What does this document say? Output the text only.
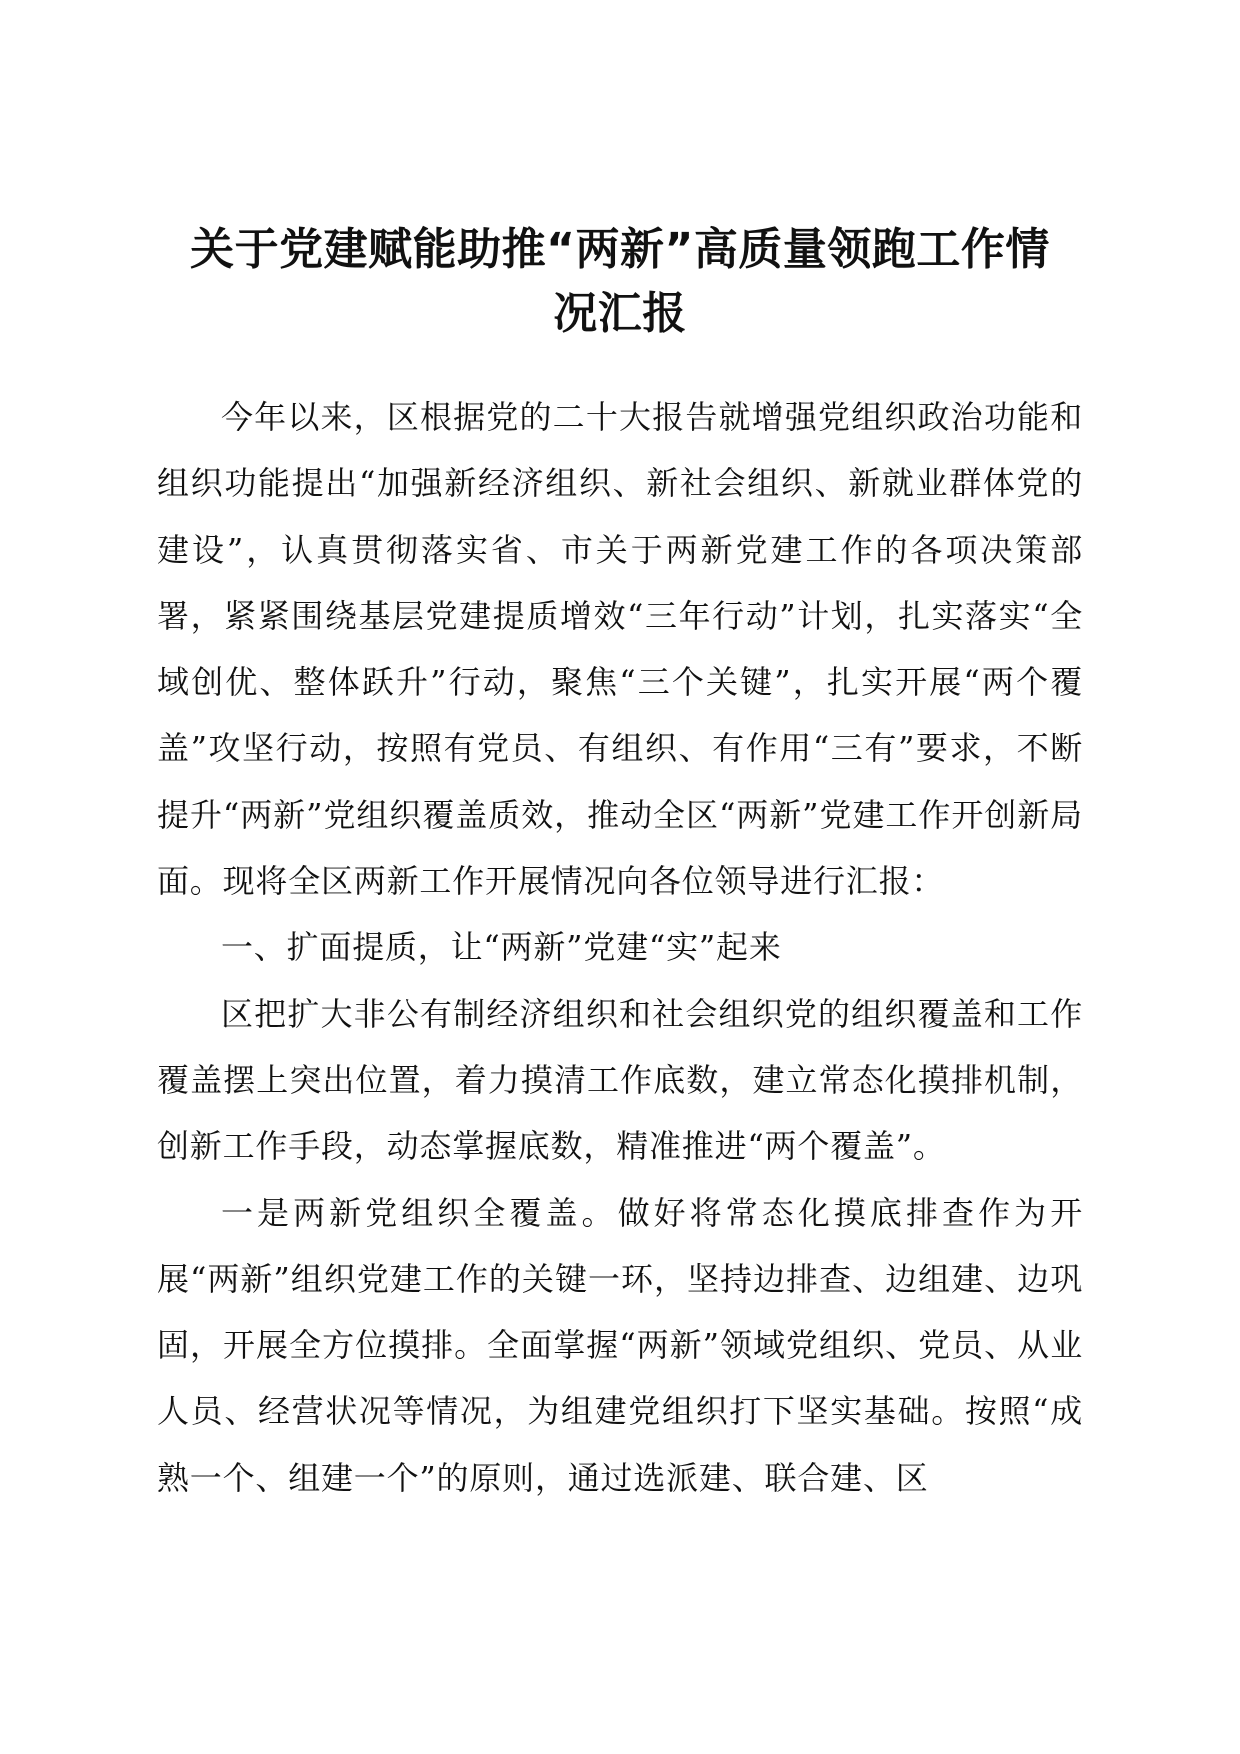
关于党建赋能助推“两新”高质量领跑工作情
况汇报

今年以来，区根据党的二十大报告就增强党组织政治功能和组织功能提出“加强新经济组织、新社会组织、新就业群体党的建设”，认真贯彻落实省、市关于两新党建工作的各项决策部署，紧紧围绕基层党建提质增效“三年行动”计划，扎实落实“全域创优、整体跃升”行动，聚焦“三个关键”，扎实开展“两个覆盖”攻坚行动，按照有党员、有组织、有作用“三有”要求，不断提升“两新”党组织覆盖质效，推动全区“两新”党建工作开创新局面。现将全区两新工作开展情况向各位领导进行汇报：

一、扩面提质，让“两新”党建“实”起来

区把扩大非公有制经济组织和社会组织党的组织覆盖和工作覆盖摆上突出位置，着力摸清工作底数，建立常态化摸排机制，创新工作手段，动态掌握底数，精准推进“两个覆盖”。

一是两新党组织全覆盖。做好将常态化摸底排查作为开展“两新”组织党建工作的关键一环，坚持边排查、边组建、边巩固，开展全方位摸排。全面掌握“两新”领域党组织、党员、从业人员、经营状况等情况，为组建党组织打下坚实基础。按照“成熟一个、组建一个”的原则，通过选派建、联合建、区
